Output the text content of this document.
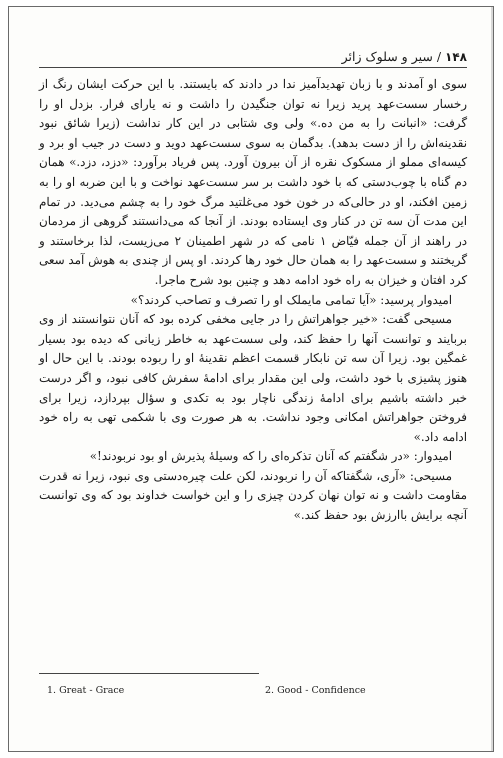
۱۴۸ / سیر و سلوک زائر

سوی او آمدند و با زبان تهدیدآمیز ندا در دادند که بایستند. با این حرکت ایشان رنگ از رخسار سست‌عهد پرید زیرا نه توان جنگیدن را داشت و نه یارای فرار. بزدل او را گرفت: «انبانت را به من ده.» ولی وی شتابی در این کار نداشت (زیرا شائق نبود نقدینه‌اش را از دست بدهد). بدگمان به سوی سست‌عهد دوید و دست در جیب او برد و کیسه‌ای مملو از مسکوک نقره از آن بیرون آورد. پس فریاد برآورد: «دزد، دزد.» همان دم گناه با چوب‌دستی که با خود داشت بر سر سست‌عهد نواخت و با این ضربه او را به زمین افکند، او در حالی‌که در خون خود می‌غلتید مرگ خود را به چشم می‌دید. در تمام این مدت آن سه تن در کنار وی ایستاده بودند. از آنجا که می‌دانستند گروهی از مردمان در راهند از آن جمله فیّاض ۱ نامی که در شهر اطمینان ۲ می‌زیست، لذا برخاستند و گریختند و سست‌عهد را به همان حال خود رها کردند. او پس از چندی به هوش آمد سعی کرد افتان و خیزان به راه خود ادامه دهد و چنین بود شرح ماجرا.

امیدوار پرسید: «آیا تمامی مایملک او را تصرف و تصاحب کردند؟»

مسیحی گفت: «خیر جواهراتش را در جایی مخفی کرده بود که آنان نتوانستند از وی بربایند و توانست آنها را حفظ کند، ولی سست‌عهد به خاطر زیانی که دیده بود بسیار غمگین بود. زیرا آن سه تن نابکار قسمت اعظم نقدینهٔ او را ربوده بودند. با این حال او هنوز پشیزی با خود داشت، ولی این مقدار برای ادامهٔ سفرش کافی نبود، و اگر درست خبر داشته باشیم برای ادامهٔ زندگی ناچار بود به تکدی و سؤال بپردازد، زیرا برای فروختن جواهراتش امکانی وجود نداشت. به هر صورت وی با شکمی تهی به راه خود ادامه داد.»

امیدوار: «در شگفتم که آنان تذکره‌ای را که وسیلهٔ پذیرش او بود نربودند!»

مسیحی: «آری، شگفتاکه آن را نربودند، لکن علت چیره‌دستی وی نبود، زیرا نه قدرت مقاومت داشت و نه توان نهان کردن چیزی را و این خواست خداوند بود که وی توانست آنچه برایش باارزش بود حفظ کند.»

1. Great - Grace	2. Good - Confidence
